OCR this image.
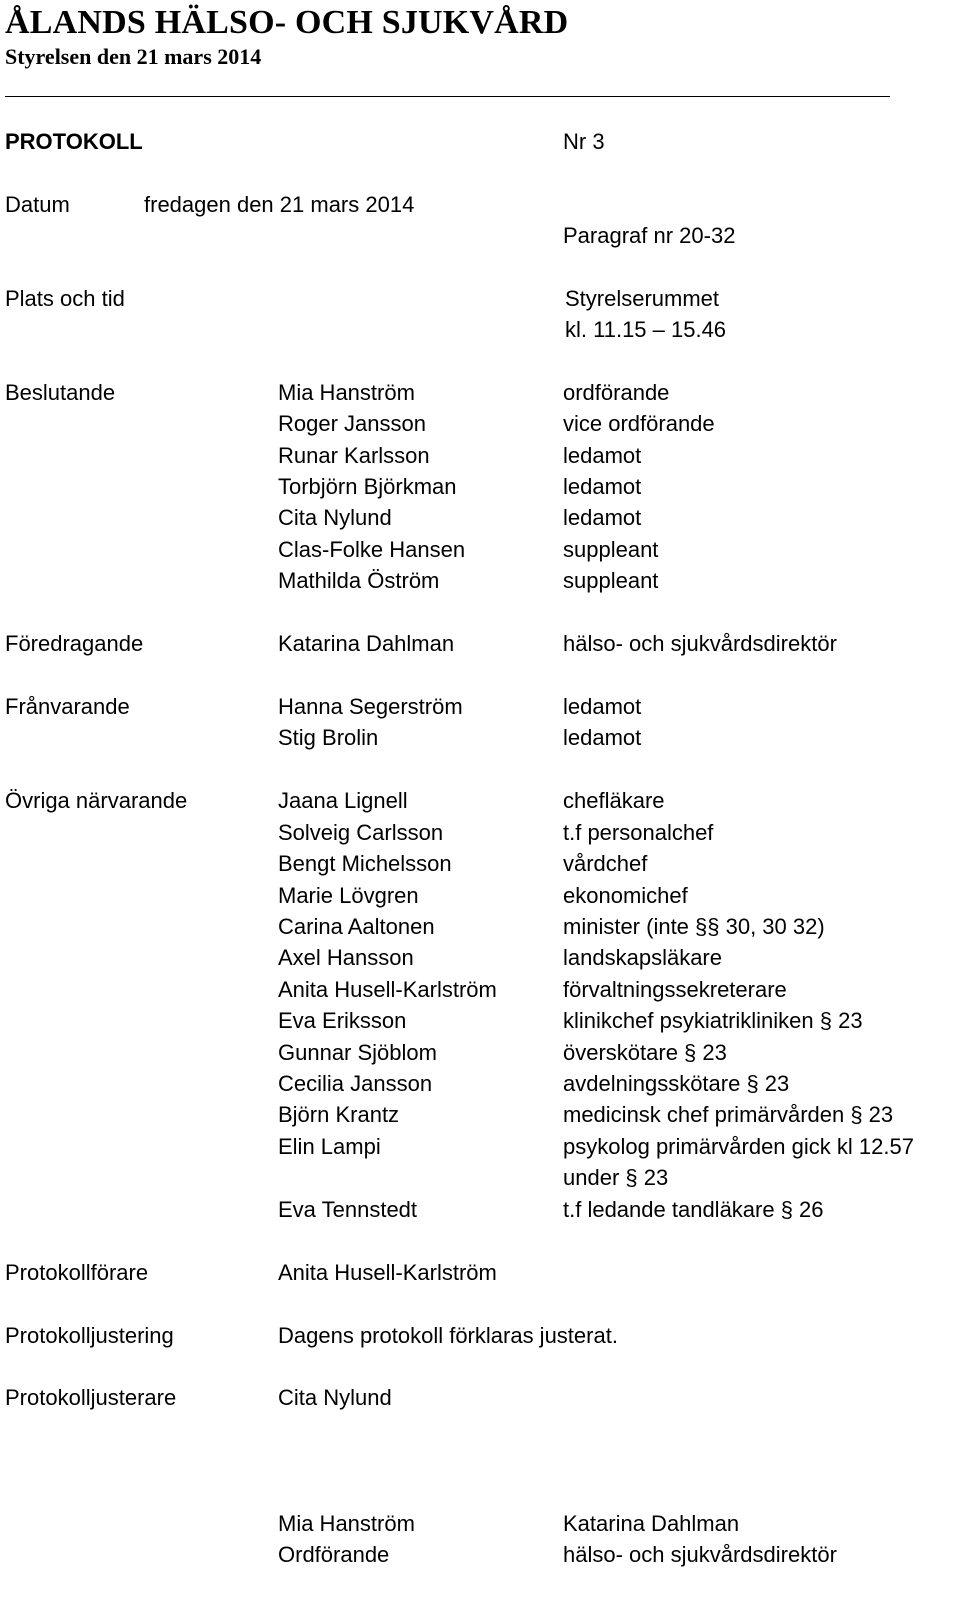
ÅLANDS HÄLSO- OCH SJUKVÅRD
Styrelsen den 21 mars 2014
PROTOKOLL	Nr 3
Datum	fredagen den 21 mars 2014
Paragraf nr 20-32
Plats och tid	Styrelserummet
kl. 11.15 – 15.46
Beslutande	Mia Hanström	ordförande
Roger Jansson	vice ordförande
Runar Karlsson	ledamot
Torbjörn Björkman	ledamot
Cita Nylund	ledamot
Clas-Folke Hansen	suppleant
Mathilda Öström	suppleant
Föredragande	Katarina Dahlman	hälso- och sjukvårdsdirektör
Frånvarande	Hanna Segerström	ledamot
Stig Brolin	ledamot
Övriga närvarande	Jaana Lignell	chefläkare
Solveig Carlsson	t.f personalchef
Bengt Michelsson	vårdchef
Marie Lövgren	ekonomichef
Carina Aaltonen	minister (inte §§ 30, 30 32)
Axel Hansson	landskapsläkare
Anita Husell-Karlström	förvaltningssekreterare
Eva Eriksson	klinikchef psykiatrikliniken § 23
Gunnar Sjöblom	överskötare § 23
Cecilia Jansson	avdelningsskötare § 23
Björn Krantz	medicinsk chef primärvården § 23
Elin Lampi	psykolog primärvården gick kl 12.57
under § 23
Eva Tennstedt	t.f ledande tandläkare § 26
Protokollförare	Anita Husell-Karlström
Protokolljustering	Dagens protokoll förklaras justerat.
Protokolljusterare	Cita Nylund
Mia Hanström	Katarina Dahlman
Ordförande	hälso- och sjukvårdsdirektör
